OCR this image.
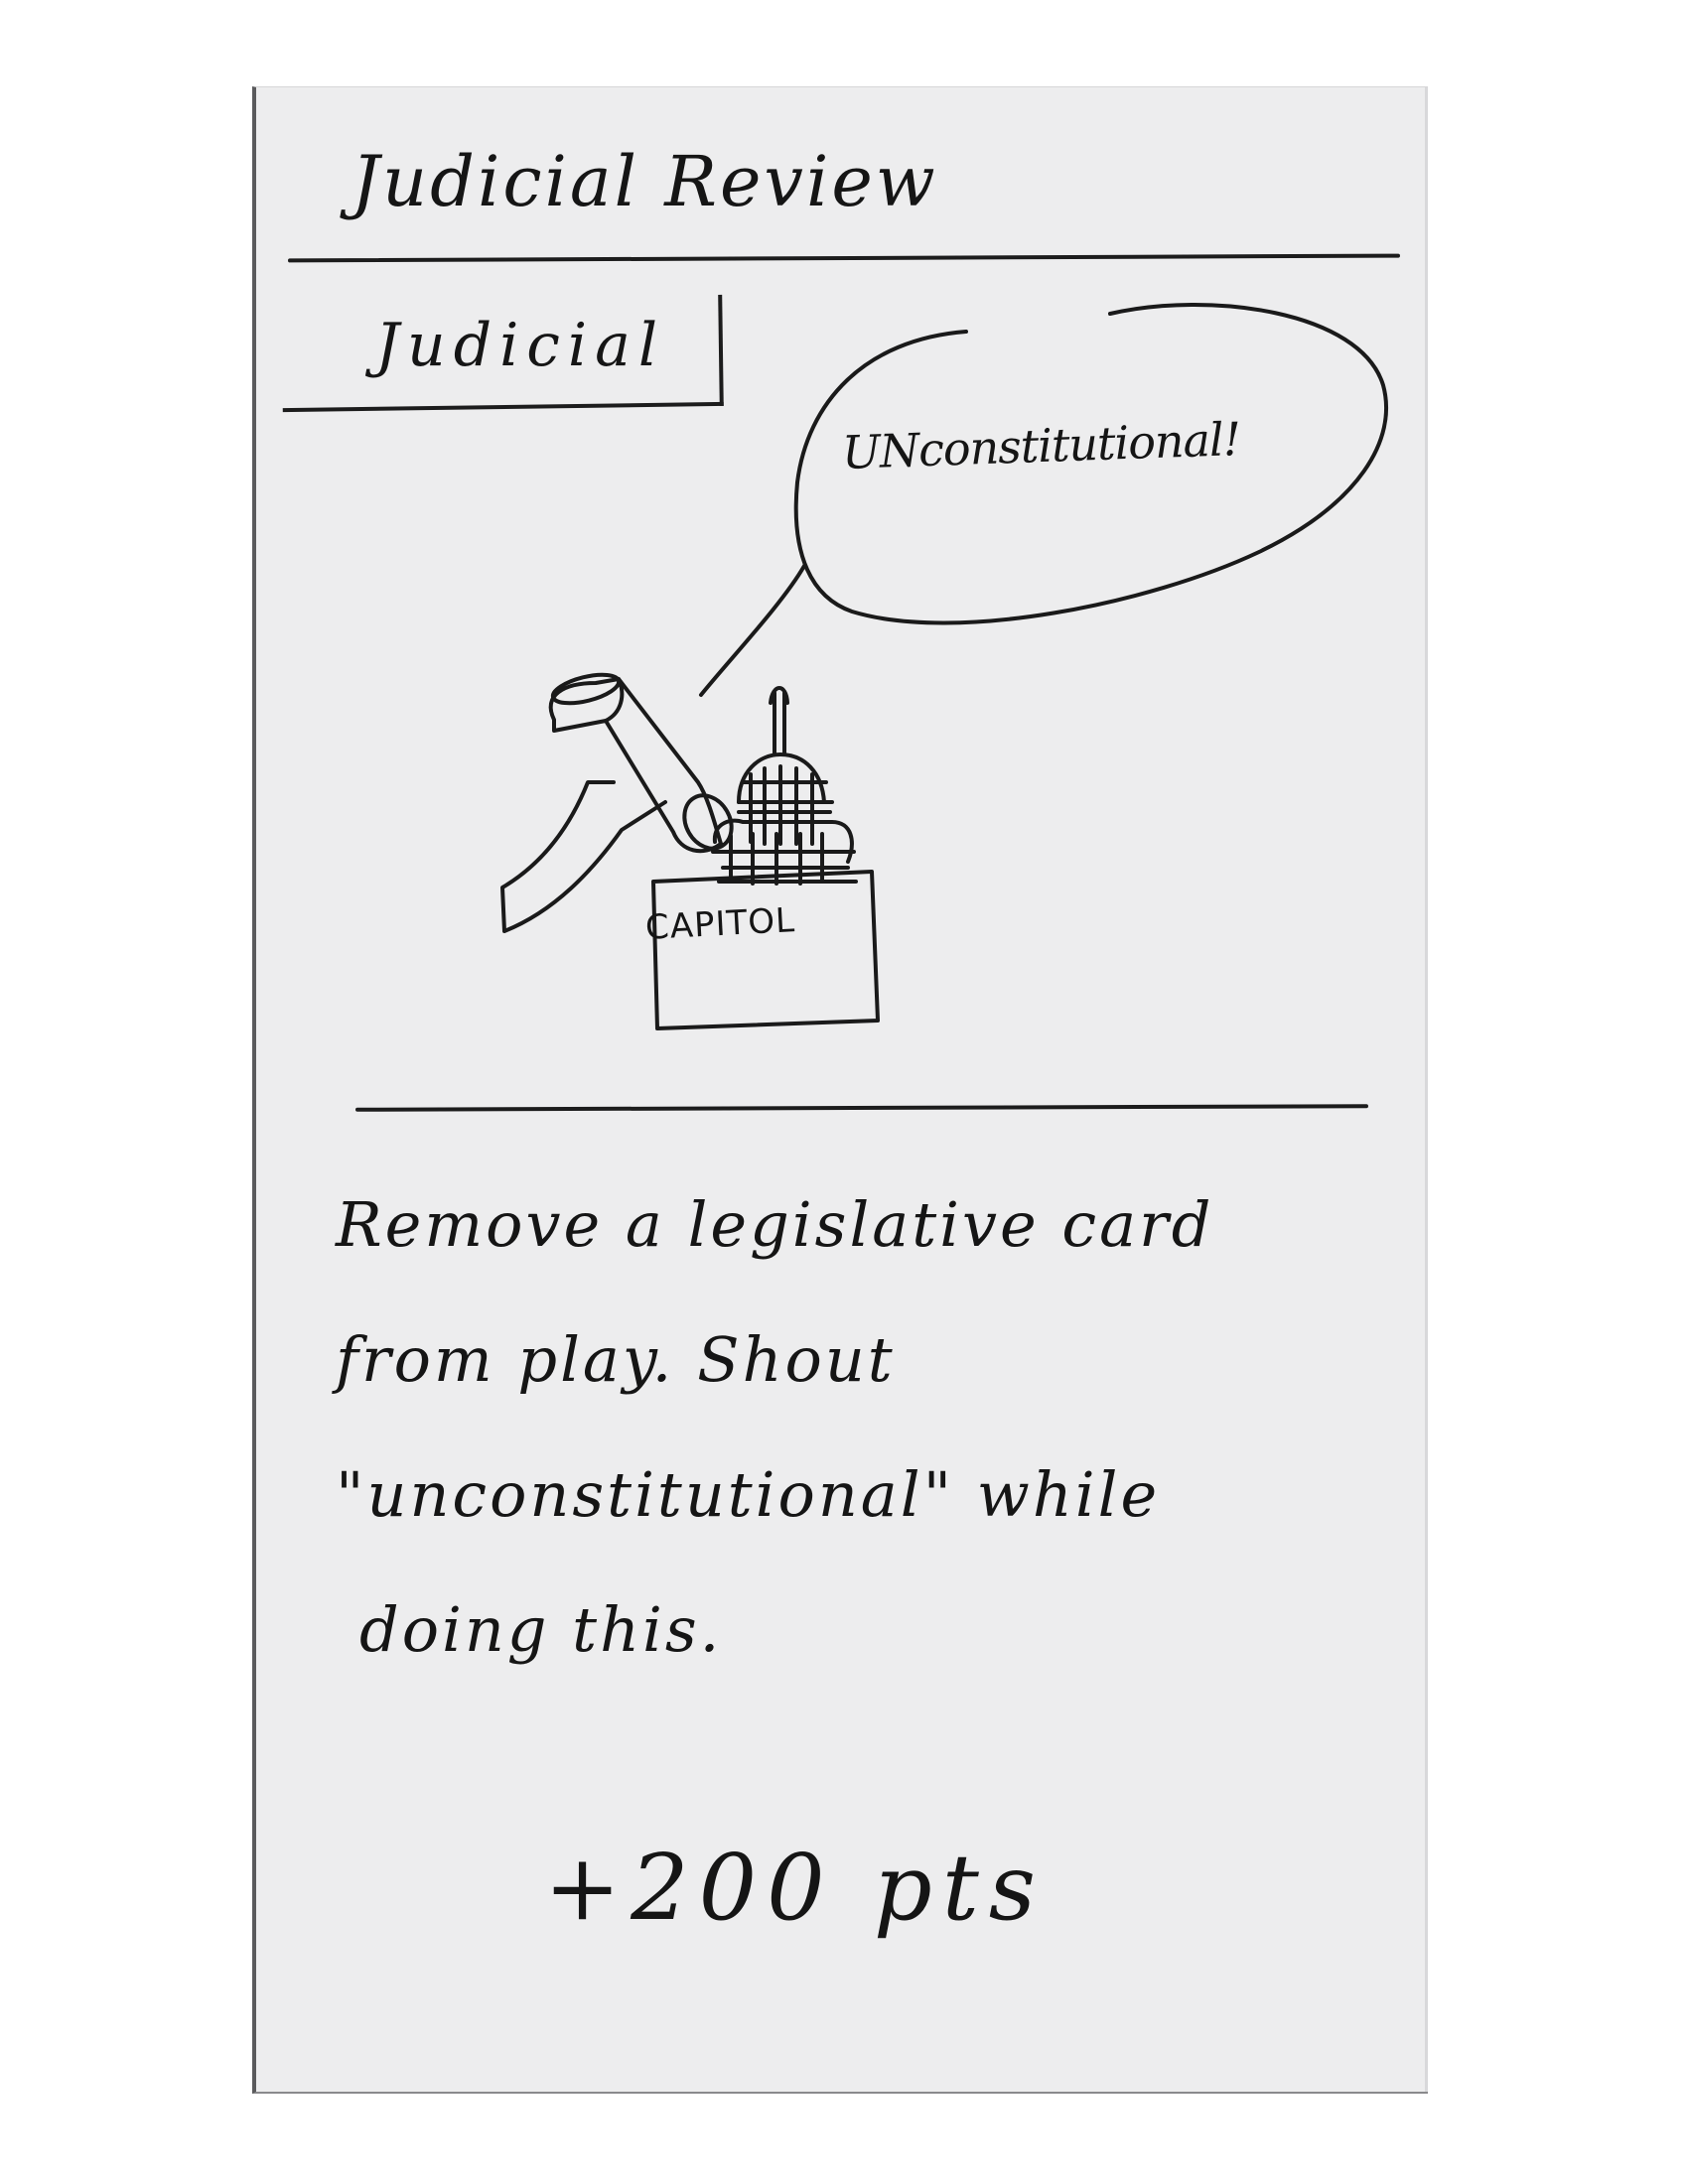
Judicial Review
Judicial
UNconstitutional!
CAPITOL
Remove a legislative card
from play. Shout
"unconstitutional" while
doing this.
+200 pts
